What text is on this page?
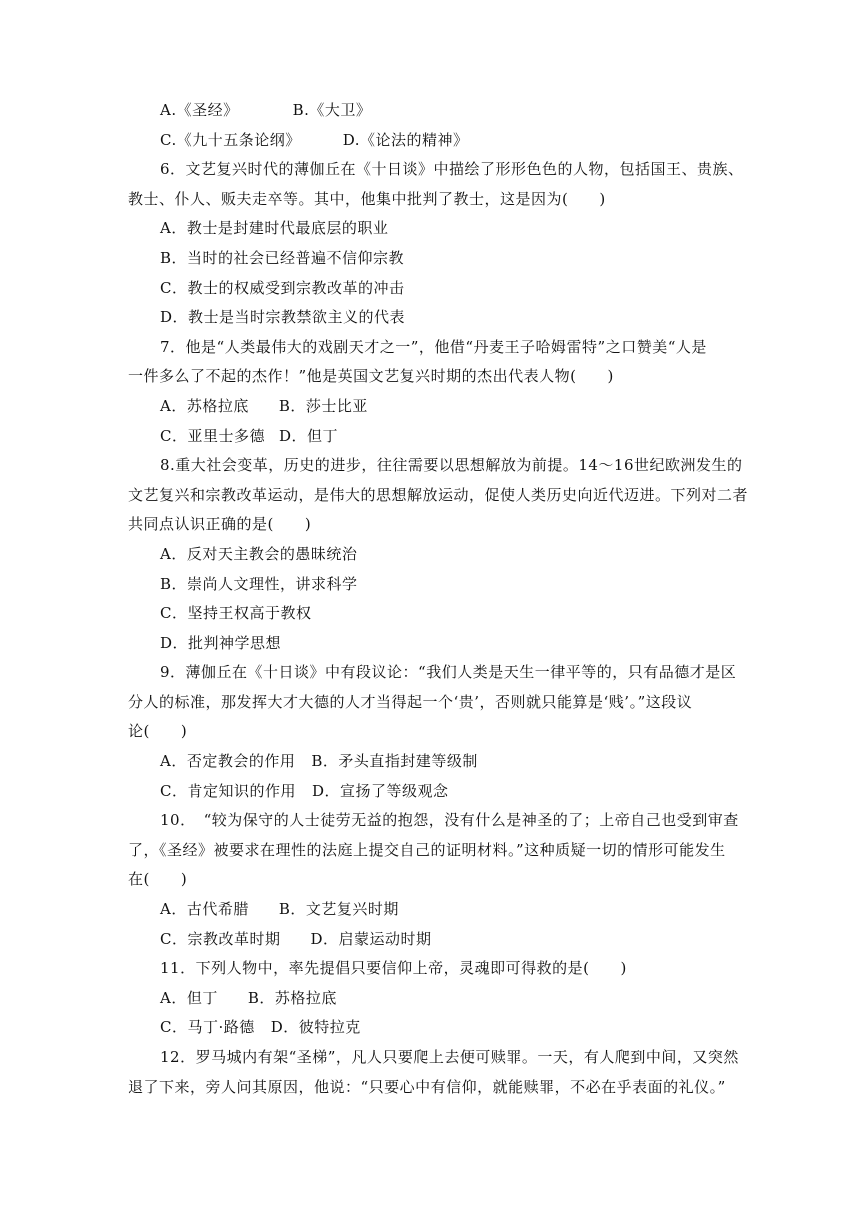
A.《圣经》	B.《大卫》
C.《九十五条论纲》	D.《论法的精神》
6．文艺复兴时代的薄伽丘在《十日谈》中描绘了形形色色的人物，包括国王、贵族、
教士、仆人、贩夫走卒等。其中，他集中批判了教士，这是因为(　　)
A．教士是封建时代最底层的职业
B．当时的社会已经普遍不信仰宗教
C．教士的权威受到宗教改革的冲击
D．教士是当时宗教禁欲主义的代表
7．他是“人类最伟大的戏剧天才之一”，他借“丹麦王子哈姆雷特”之口赞美“人是
一件多么了不起的杰作！”他是英国文艺复兴时期的杰出代表人物(　　)
A．苏格拉底 B．莎士比亚
C．亚里士多德 D．但丁
8.重大社会变革，历史的进步，往往需要以思想解放为前提。14～16世纪欧洲发生的
文艺复兴和宗教改革运动，是伟大的思想解放运动，促使人类历史向近代迈进。下列对二者
共同点认识正确的是(　　)
A．反对天主教会的愚昧统治
B．崇尚人文理性，讲求科学
C．坚持王权高于教权
D．批判神学思想
9．薄伽丘在《十日谈》中有段议论：“我们人类是天生一律平等的，只有品德才是区
分人的标准，那发挥大才大德的人才当得起一个‘贵’，否则就只能算是‘贱’。”这段议
论(　　)
A．否定教会的作用 B．矛头直指封建等级制
C．肯定知识的作用 D．宣扬了等级观念
10．　“较为保守的人士徒劳无益的抱怨，没有什么是神圣的了；上帝自己也受到审查
了，《圣经》被要求在理性的法庭上提交自己的证明材料。”这种质疑一切的情形可能发生
在(　　)
A．古代希腊 B．文艺复兴时期
C．宗教改革时期 D．启蒙运动时期
11．下列人物中，率先提倡只要信仰上帝，灵魂即可得救的是(　　)
A．但丁 B．苏格拉底
C．马丁·路德 D．彼特拉克
12．罗马城内有架“圣梯”，凡人只要爬上去便可赎罪。一天，有人爬到中间，又突然
退了下来，旁人问其原因，他说：“只要心中有信仰，就能赎罪，不必在乎表面的礼仪。”
